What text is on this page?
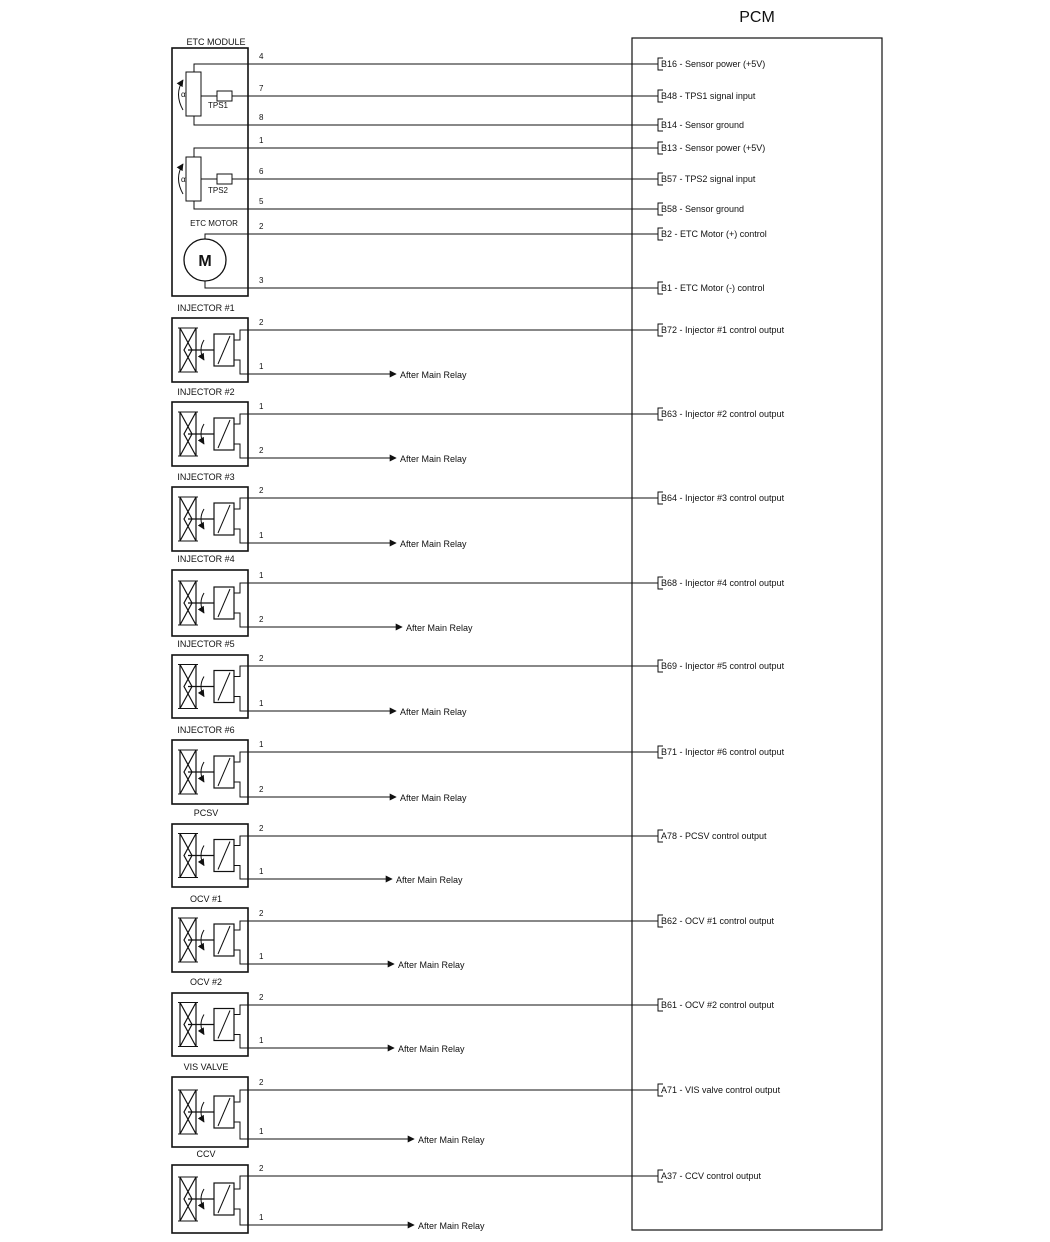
PCM
ETC MODULE
α
TPS1
α
TPS2
ETC MOTOR
M
4
B16 - Sensor power (+5V)
7
B48 - TPS1 signal input
8
B14 - Sensor ground
1
B13 - Sensor power (+5V)
6
B57 - TPS2 signal input
5
B58 - Sensor ground
2
B2 - ETC Motor (+) control
3
B1 - ETC Motor (-) control
INJECTOR #1
2
B72 - Injector #1 control output
1
After Main Relay
INJECTOR #2
1
B63 - Injector #2 control output
2
After Main Relay
INJECTOR #3
2
B64 - Injector #3 control output
1
After Main Relay
INJECTOR #4
1
B68 - Injector #4 control output
2
After Main Relay
INJECTOR #5
2
B69 - Injector #5 control output
1
After Main Relay
INJECTOR #6
1
B71 - Injector #6 control output
2
After Main Relay
PCSV
2
A78 - PCSV control output
1
After Main Relay
OCV #1
2
B62 - OCV #1 control output
1
After Main Relay
OCV #2
2
B61 - OCV #2 control output
1
After Main Relay
VIS VALVE
2
A71 - VIS valve control output
1
After Main Relay
CCV
2
A37 - CCV control output
1
After Main Relay
